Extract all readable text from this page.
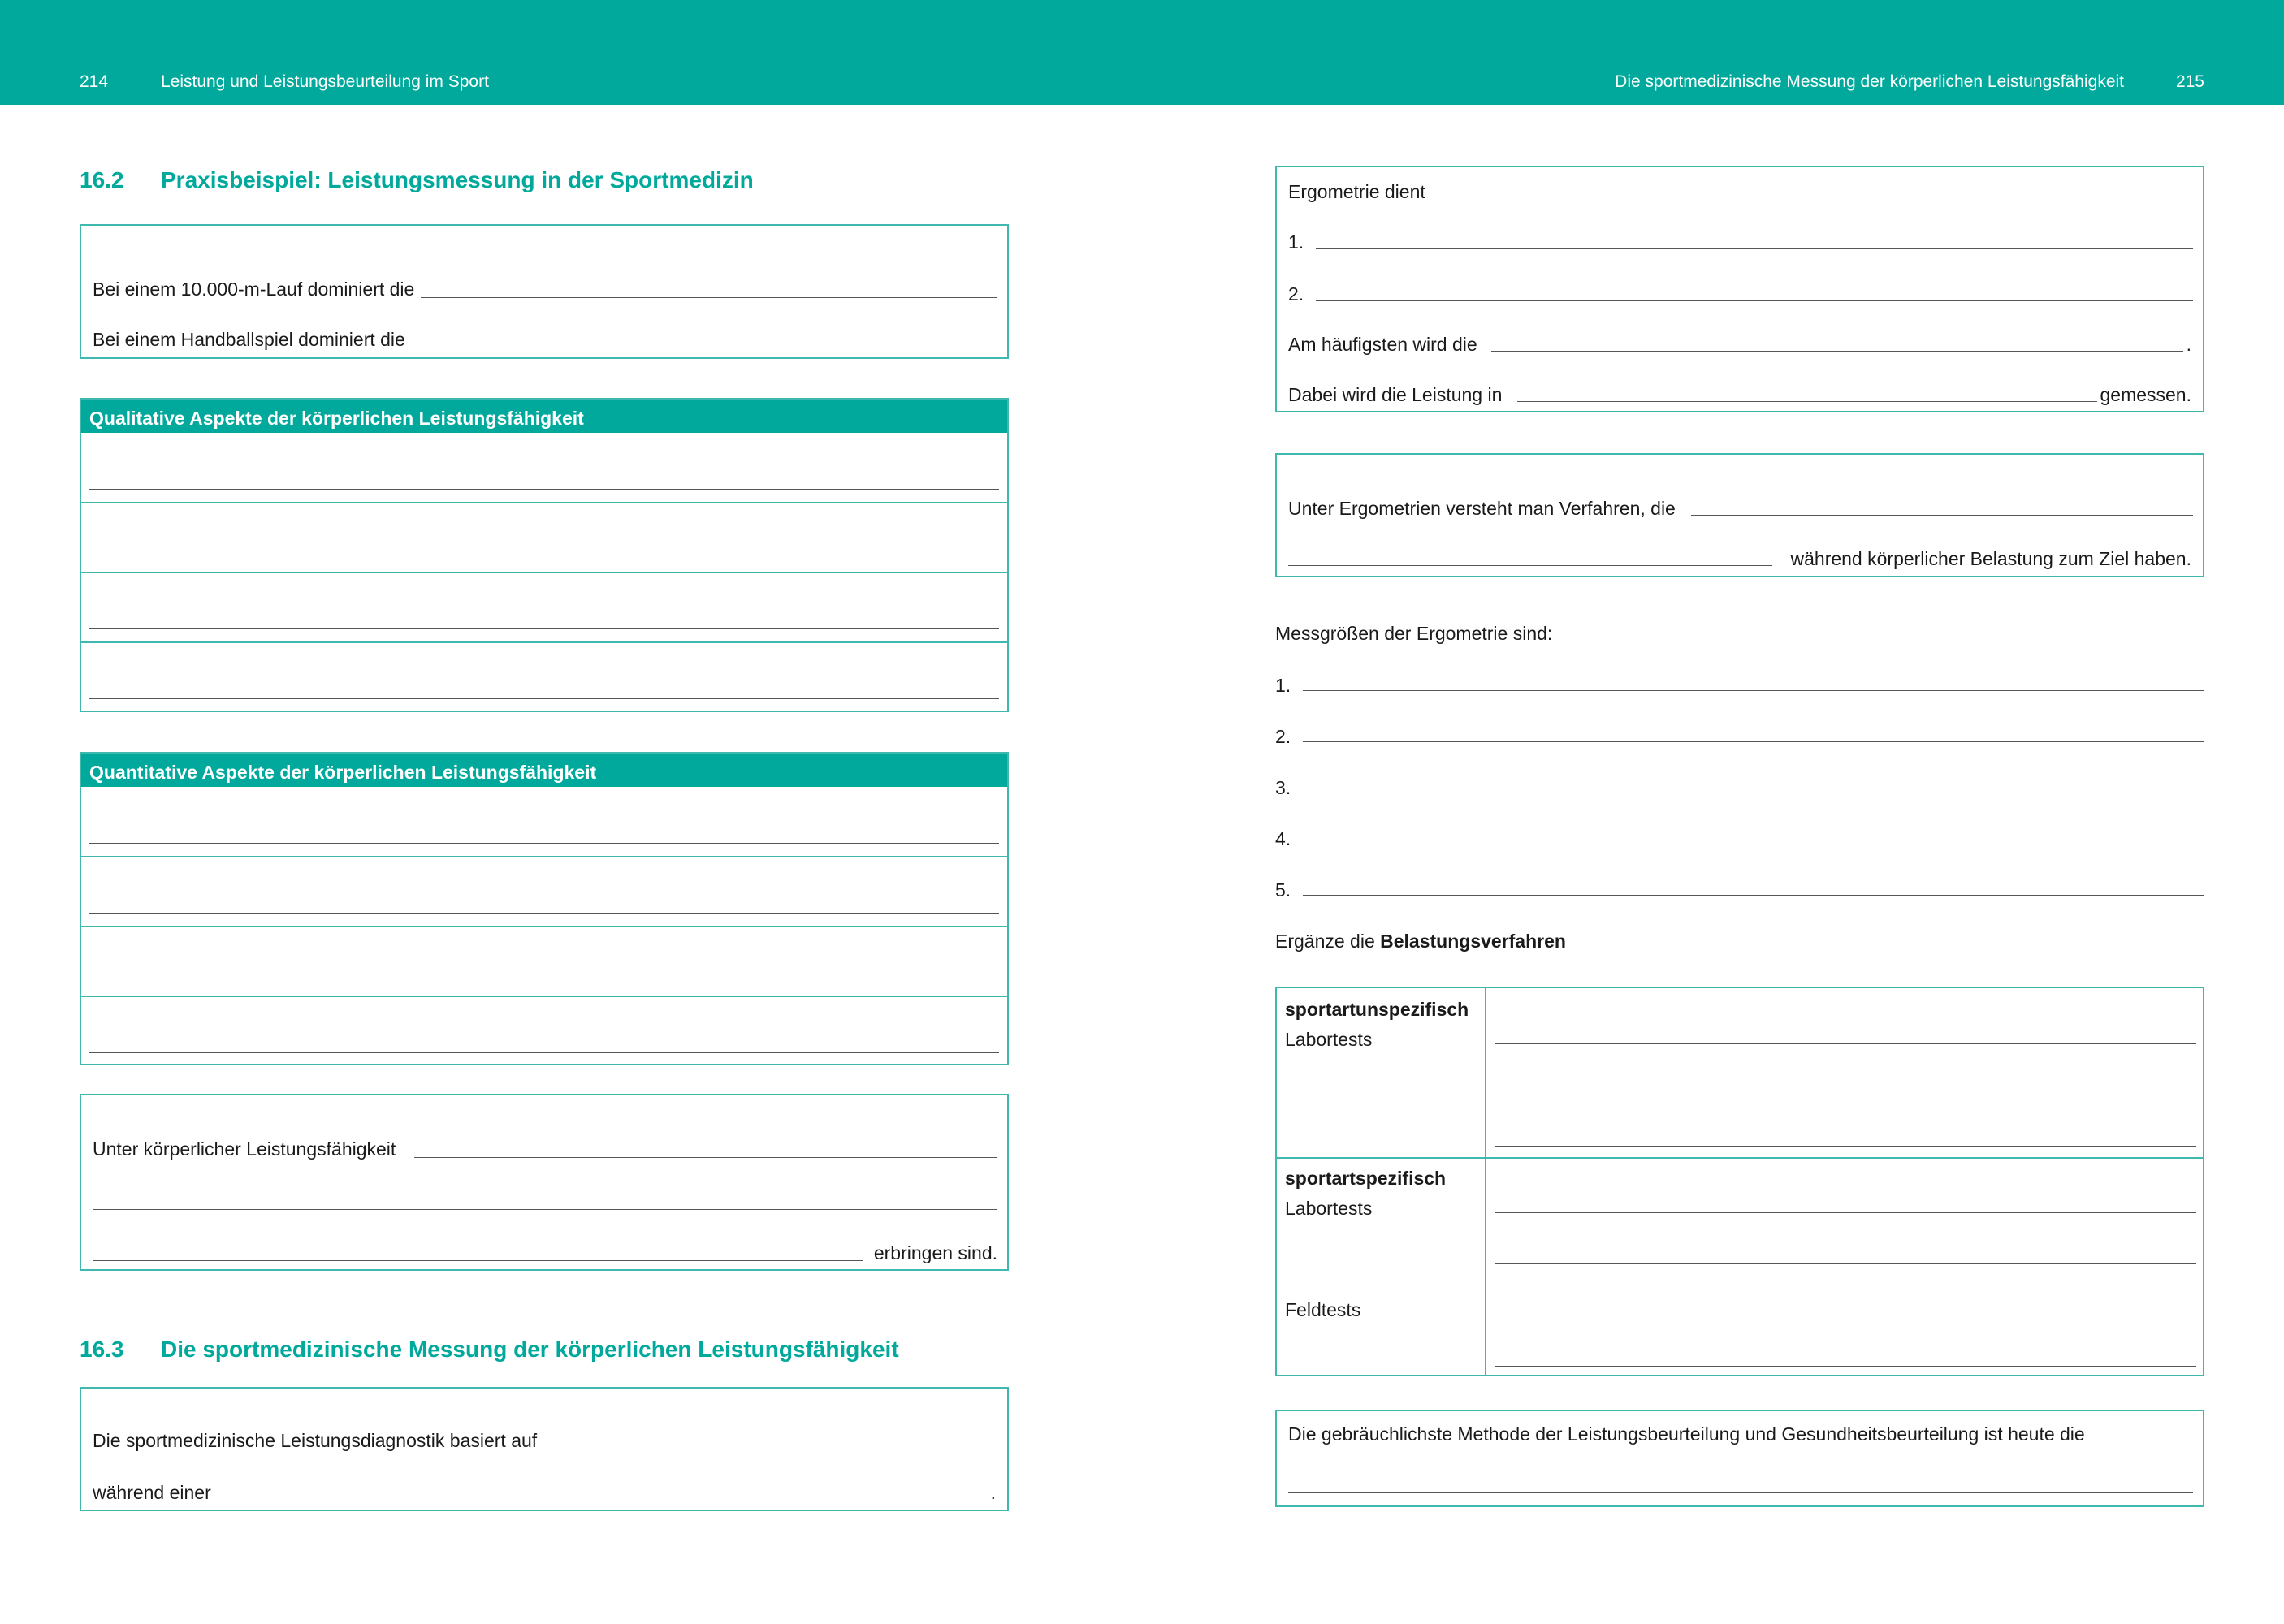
214	Leistung und Leistungsbeurteilung im Sport	Die sportmedizinische Messung der körperlichen Leistungsfähigkeit	215
16.2 Praxisbeispiel: Leistungsmessung in der Sportmedizin
Bei einem 10.000-m-Lauf dominiert die
Bei einem Handballspiel dominiert die
Qualitative Aspekte der körperlichen Leistungsfähigkeit
Quantitative Aspekte der körperlichen Leistungsfähigkeit
Unter körperlicher Leistungsfähigkeit
erbringen sind.
16.3 Die sportmedizinische Messung der körperlichen Leistungsfähigkeit
Die sportmedizinische Leistungsdiagnostik basiert auf
während einer	.
Ergometrie dient
1.
2.
Am häufigsten wird die	.
Dabei wird die Leistung in	gemessen.
Unter Ergometrien versteht man Verfahren, die
während körperlicher Belastung zum Ziel haben.
Messgrößen der Ergometrie sind:
1.
2.
3.
4.
5.
Ergänze die Belastungsverfahren
sportartunspezifisch
Labortests
sportartspezifisch
Labortests
Feldtests
Die gebräuchlichste Methode der Leistungsbeurteilung und Gesundheitsbeurteilung ist heute die
